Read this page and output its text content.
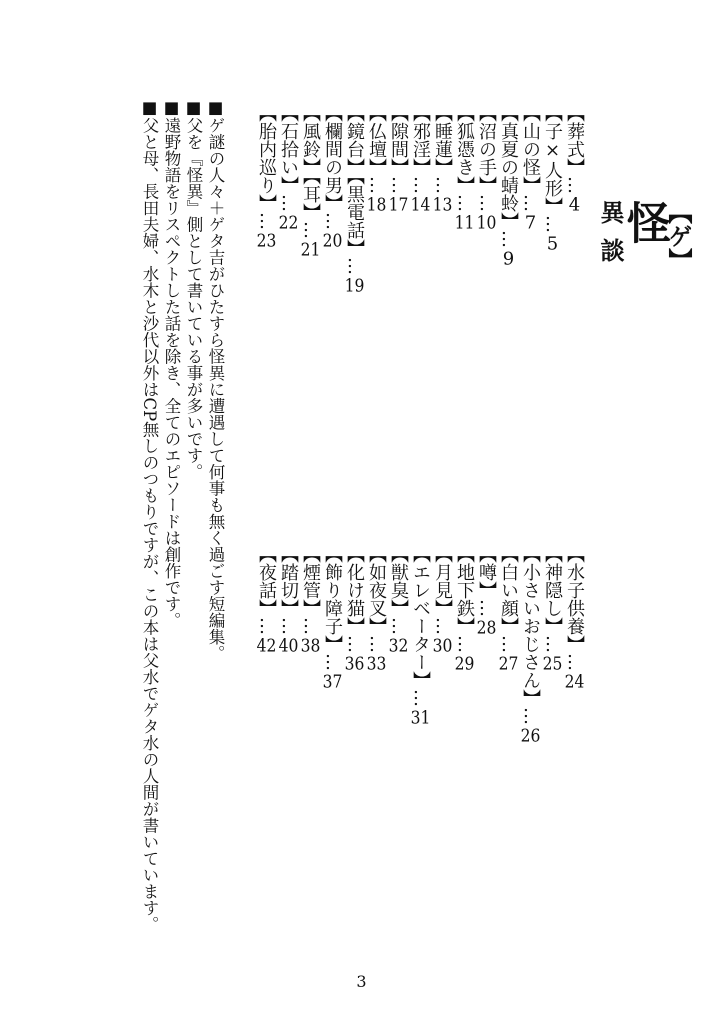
【ゲ】
怪
異談
【葬式】…4
【子×人形】…5
【山の怪】…7
【真夏の蜻蛉】…9
【沼の手】…10
【狐憑き】…11
【睡蓮】…13
【邪淫】…14
【隙間】…17
【仏壇】…18
【鏡台】【黒電話】…19
【欄間の男】…20
【風鈴】【耳】…21
【石拾い】…22
【胎内巡り】…23
【水子供養】…24
【神隠し】…25
【小さいおじさん】…26
【白い顔】…27
【噂】…28
【地下鉄】…29
【月見】…30
【エレベーター】…31
【獣臭】…32
【如夜叉】…33
【化け猫】…36
【飾り障子】…37
【煙管】…38
【踏切】…40
【夜話】…42
■ゲ謎の人々＋ゲタ吉がひたすら怪異に遭遇して何事も無く過ごす短編集。
■父を『怪異』側として書いている事が多いです。
■遠野物語をリスペクトした話を除き、全てのエピソードは創作です。
■父と母、長田夫婦、水木と沙代以外はCP無しのつもりですが、この本は父水でゲタ水の人間が書いています。
3
